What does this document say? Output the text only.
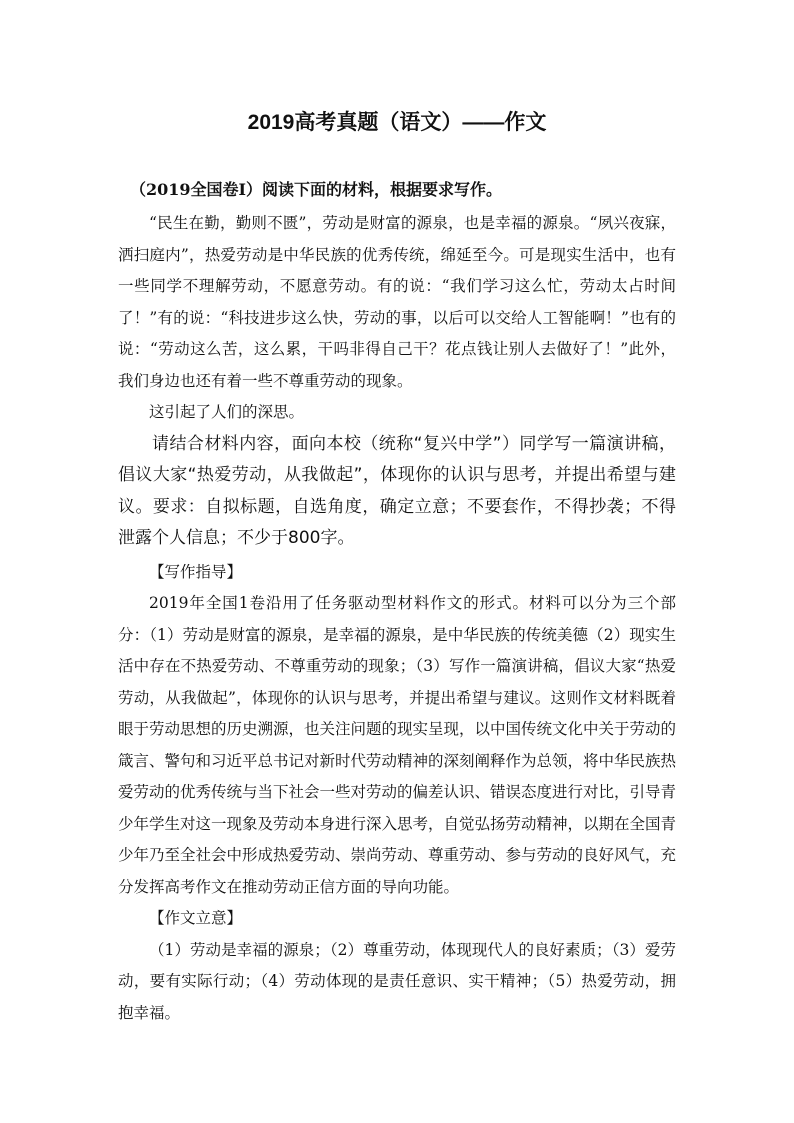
2019高考真题（语文）——作文

（2019全国卷Ⅰ）阅读下面的材料，根据要求写作。

“民生在勤，勤则不匮”，劳动是财富的源泉，也是幸福的源泉。“夙兴夜寐，洒扫庭内”，热爱劳动是中华民族的优秀传统，绵延至今。可是现实生活中，也有一些同学不理解劳动，不愿意劳动。有的说：“我们学习这么忙，劳动太占时间了！”有的说：“科技进步这么快，劳动的事，以后可以交给人工智能啊！”也有的说：“劳动这么苦，这么累，干吗非得自己干？花点钱让别人去做好了！”此外，我们身边也还有着一些不尊重劳动的现象。

这引起了人们的深思。

请结合材料内容，面向本校（统称“复兴中学”）同学写一篇演讲稿，倡议大家“热爱劳动，从我做起”，体现你的认识与思考，并提出希望与建议。要求：自拟标题，自选角度，确定立意；不要套作，不得抄袭；不得泄露个人信息；不少于800字。

【写作指导】

2019年全国1卷沿用了任务驱动型材料作文的形式。材料可以分为三个部分：（1）劳动是财富的源泉，是幸福的源泉，是中华民族的传统美德（2）现实生活中存在不热爱劳动、不尊重劳动的现象；（3）写作一篇演讲稿，倡议大家“热爱劳动，从我做起”，体现你的认识与思考，并提出希望与建议。这则作文材料既着眼于劳动思想的历史溯源，也关注问题的现实呈现，以中国传统文化中关于劳动的箴言、警句和习近平总书记对新时代劳动精神的深刻阐释作为总领，将中华民族热爱劳动的优秀传统与当下社会一些对劳动的偏差认识、错误态度进行对比，引导青少年学生对这一现象及劳动本身进行深入思考，自觉弘扬劳动精神，以期在全国青少年乃至全社会中形成热爱劳动、崇尚劳动、尊重劳动、参与劳动的良好风气，充分发挥高考作文在推动劳动正信方面的导向功能。

【作文立意】

（1）劳动是幸福的源泉；（2）尊重劳动，体现现代人的良好素质；（3）爱劳动，要有实际行动；（4）劳动体现的是责任意识、实干精神；（5）热爱劳动，拥抱幸福。
